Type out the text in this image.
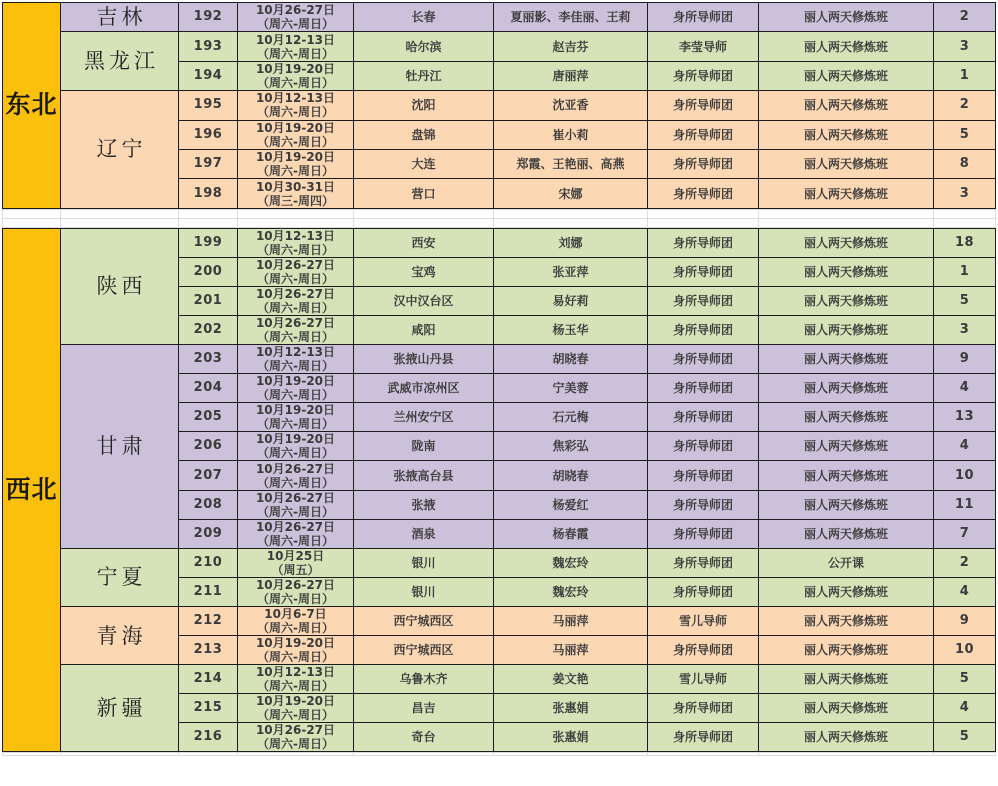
东北	吉林	192	10月26-27日
（周六-周日）	长春	夏丽影、李佳丽、王莉	身所导师团	丽人两天修炼班	2
	黑龙江	193	10月12-13日
（周六-周日）	哈尔滨	赵吉芬	李莹导师	丽人两天修炼班	3
		194	10月19-20日
（周六-周日）	牡丹江	唐丽萍	身所导师团	丽人两天修炼班	1
	辽宁	195	10月12-13日
（周六-周日）	沈阳	沈亚香	身所导师团	丽人两天修炼班	2
		196	10月19-20日
（周六-周日）	盘锦	崔小莉	身所导师团	丽人两天修炼班	5
		197	10月19-20日
（周六-周日）	大连	郑霞、王艳丽、高燕	身所导师团	丽人两天修炼班	8
		198	10月30-31日
（周三-周四）	营口	宋娜	身所导师团	丽人两天修炼班	3

西北	陕西	199	10月12-13日
（周六-周日）	西安	刘娜	身所导师团	丽人两天修炼班	18
		200	10月26-27日
（周六-周日）	宝鸡	张亚萍	身所导师团	丽人两天修炼班	1
		201	10月26-27日
（周六-周日）	汉中汉台区	易好莉	身所导师团	丽人两天修炼班	5
		202	10月26-27日
（周六-周日）	咸阳	杨玉华	身所导师团	丽人两天修炼班	3
	甘肃	203	10月12-13日
（周六-周日）	张掖山丹县	胡晓春	身所导师团	丽人两天修炼班	9
		204	10月19-20日
（周六-周日）	武威市凉州区	宁美蓉	身所导师团	丽人两天修炼班	4
		205	10月19-20日
（周六-周日）	兰州安宁区	石元梅	身所导师团	丽人两天修炼班	13
		206	10月19-20日
（周六-周日）	陇南	焦彩弘	身所导师团	丽人两天修炼班	4
		207	10月26-27日
（周六-周日）	张掖高台县	胡晓春	身所导师团	丽人两天修炼班	10
		208	10月26-27日
（周六-周日）	张掖	杨爱红	身所导师团	丽人两天修炼班	11
		209	10月26-27日
（周六-周日）	酒泉	杨春霞	身所导师团	丽人两天修炼班	7
	宁夏	210	10月25日
（周五）	银川	魏宏玲	身所导师团	公开课	2
		211	10月26-27日
（周六-周日）	银川	魏宏玲	身所导师团	丽人两天修炼班	4
	青海	212	10月6-7日
（周六-周日）	西宁城西区	马丽萍	雪儿导师	丽人两天修炼班	9
		213	10月19-20日
（周六-周日）	西宁城西区	马丽萍	身所导师团	丽人两天修炼班	10
	新疆	214	10月12-13日
（周六-周日）	乌鲁木齐	姜文艳	雪儿导师	丽人两天修炼班	5
		215	10月19-20日
（周六-周日）	昌吉	张惠娟	身所导师团	丽人两天修炼班	4
		216	10月26-27日
（周六-周日）	奇台	张惠娟	身所导师团	丽人两天修炼班	5
